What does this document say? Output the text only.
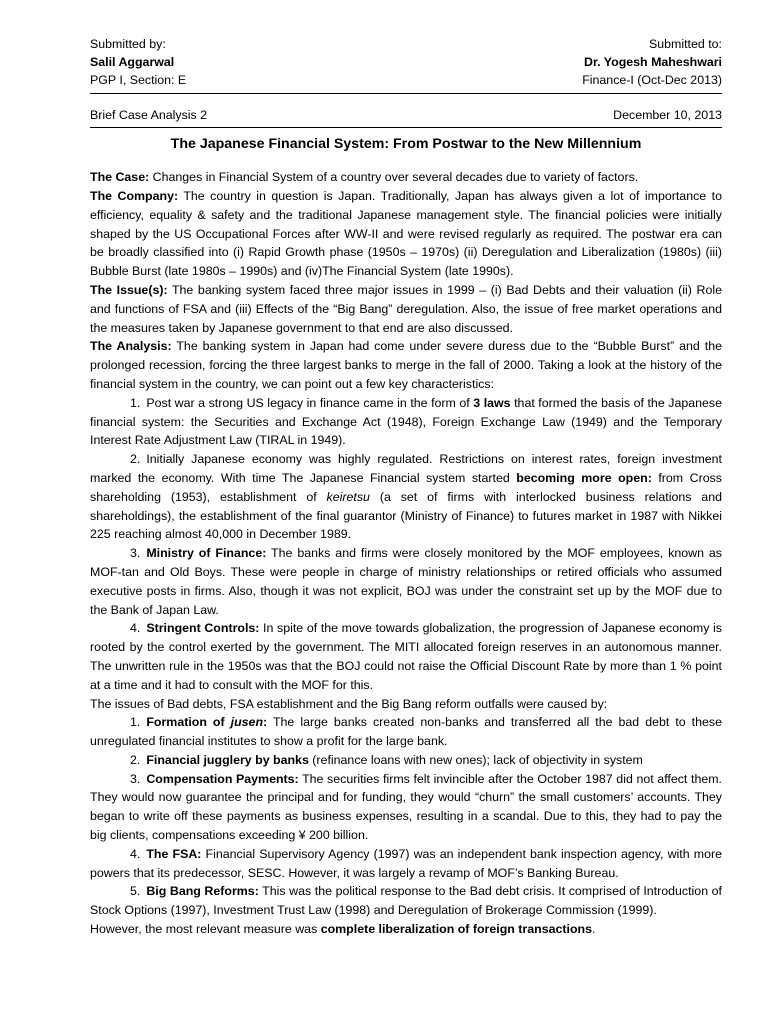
Submitted by:
Salil Aggarwal
PGP I, Section: E
Submitted to:
Dr. Yogesh Maheshwari
Finance-I (Oct-Dec 2013)
Brief Case Analysis 2	December 10, 2013
The Japanese Financial System: From Postwar to the New Millennium

The Case: Changes in Financial System of a country over several decades due to variety of factors.

The Company: The country in question is Japan. Traditionally, Japan has always given a lot of importance to efficiency, equality & safety and the traditional Japanese management style. The financial policies were initially shaped by the US Occupational Forces after WW-II and were revised regularly as required. The postwar era can be broadly classified into (i) Rapid Growth phase (1950s – 1970s) (ii) Deregulation and Liberalization (1980s) (iii) Bubble Burst (late 1980s – 1990s) and (iv)The Financial System (late 1990s).

The Issue(s): The banking system faced three major issues in 1999 – (i) Bad Debts and their valuation (ii) Role and functions of FSA and (iii) Effects of the “Big Bang” deregulation. Also, the issue of free market operations and the measures taken by Japanese government to that end are also discussed.

The Analysis: The banking system in Japan had come under severe duress due to the “Bubble Burst” and the prolonged recession, forcing the three largest banks to merge in the fall of 2000. Taking a look at the history of the financial system in the country, we can point out a few key characteristics:

1. Post war a strong US legacy in finance came in the form of 3 laws that formed the basis of the Japanese financial system: the Securities and Exchange Act (1948), Foreign Exchange Law (1949) and the Temporary Interest Rate Adjustment Law (TIRAL in 1949).

2. Initially Japanese economy was highly regulated. Restrictions on interest rates, foreign investment marked the economy. With time The Japanese Financial system started becoming more open: from Cross shareholding (1953), establishment of keiretsu (a set of firms with interlocked business relations and shareholdings), the establishment of the final guarantor (Ministry of Finance) to futures market in 1987 with Nikkei 225 reaching almost 40,000 in December 1989.

3. Ministry of Finance: The banks and firms were closely monitored by the MOF employees, known as MOF-tan and Old Boys. These were people in charge of ministry relationships or retired officials who assumed executive posts in firms. Also, though it was not explicit, BOJ was under the constraint set up by the MOF due to the Bank of Japan Law.

4. Stringent Controls: In spite of the move towards globalization, the progression of Japanese economy is rooted by the control exerted by the government. The MITI allocated foreign reserves in an autonomous manner. The unwritten rule in the 1950s was that the BOJ could not raise the Official Discount Rate by more than 1 % point at a time and it had to consult with the MOF for this.

The issues of Bad debts, FSA establishment and the Big Bang reform outfalls were caused by:

1. Formation of jusen: The large banks created non-banks and transferred all the bad debt to these unregulated financial institutes to show a profit for the large bank.

2. Financial jugglery by banks (refinance loans with new ones); lack of objectivity in system

3. Compensation Payments: The securities firms felt invincible after the October 1987 did not affect them. They would now guarantee the principal and for funding, they would “churn” the small customers’ accounts. They began to write off these payments as business expenses, resulting in a scandal. Due to this, they had to pay the big clients, compensations exceeding ¥ 200 billion.

4. The FSA: Financial Supervisory Agency (1997) was an independent bank inspection agency, with more powers that its predecessor, SESC. However, it was largely a revamp of MOF’s Banking Bureau.

5. Big Bang Reforms: This was the political response to the Bad debt crisis. It comprised of Introduction of Stock Options (1997), Investment Trust Law (1998) and Deregulation of Brokerage Commission (1999).

However, the most relevant measure was complete liberalization of foreign transactions.
